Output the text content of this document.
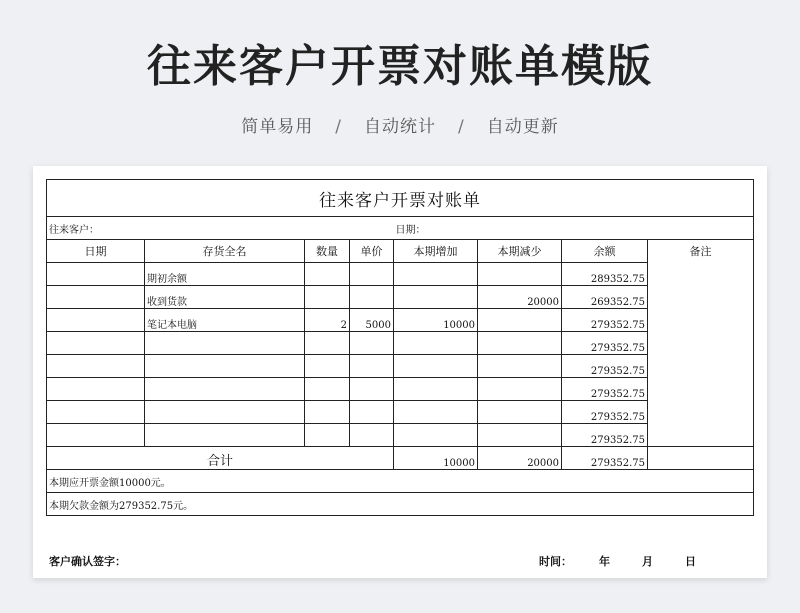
往来客户开票对账单模版
简单易用 / 自动统计 / 自动更新
往来客户开票对账单							
往来客户：				日期：			
日期	存货全名	数量	单价	本期增加	本期减少	余额	备注
	期初余额					289352.75	
	收到货款				20000	269352.75	
	笔记本电脑	2	5000	10000		279352.75	
						279352.75	
						279352.75	
						279352.75	
						279352.75	
						279352.75	
合计				10000	20000	279352.75	
本期应开票金额10000元。							
本期欠款金额为279352.75元。							
客户确认签字：	时间： 年	月	日
